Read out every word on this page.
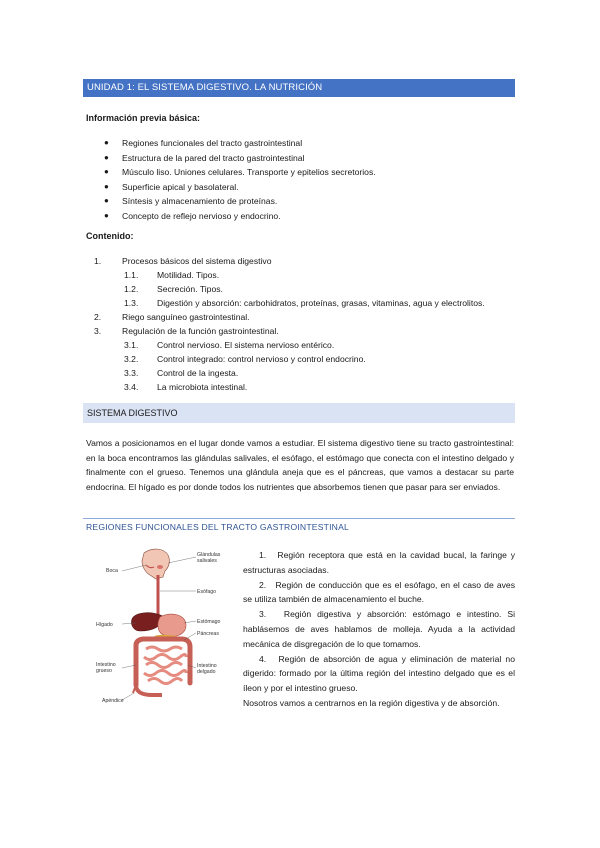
UNIDAD 1: EL SISTEMA DIGESTIVO. LA NUTRICIÓN
Información previa básica:
● Regiones funcionales del tracto gastrointestinal
● Estructura de la pared del tracto gastrointestinal
● Músculo liso. Uniones celulares. Transporte y epitelios secretorios.
● Superficie apical y basolateral.
● Síntesis y almacenamiento de proteínas.
● Concepto de reflejo nervioso y endocrino.
Contenido:
1. Procesos básicos del sistema digestivo
1.1. Motilidad. Tipos.
1.2. Secreción. Tipos.
1.3. Digestión y absorción: carbohidratos, proteínas, grasas, vitaminas, agua y electrolitos.
2. Riego sanguíneo gastrointestinal.
3. Regulación de la función gastrointestinal.
3.1. Control nervioso. El sistema nervioso entérico.
3.2. Control integrado: control nervioso y control endocrino.
3.3. Control de la ingesta.
3.4. La microbiota intestinal.
SISTEMA DIGESTIVO
Vamos a posicionamos en el lugar donde vamos a estudiar. El sistema digestivo tiene su tracto gastrointestinal: en la boca encontramos las glándulas salivales, el esófago, el estómago que conecta con el intestino delgado y finalmente con el grueso. Tenemos una glándula aneja que es el páncreas, que vamos a destacar su parte endocrina. El hígado es por donde todos los nutrientes que absorbemos tienen que pasar para ser enviados.
REGIONES FUNCIONALES DEL TRACTO GASTROINTESTINAL
Boca
Glándulas
salivales
Esófago
Hígado	Estómago
Páncreas
Intestino
grueso
Intestino
delgado
Apéndice

1. Región receptora que está en la cavidad bucal, la faringe y estructuras asociadas.

2. Región de conducción que es el esófago, en el caso de aves se utiliza también de almacenamiento el buche.

3. Región digestiva y absorción: estómago e intestino. Si hablásemos de aves hablamos de molleja. Ayuda a la actividad mecánica de disgregación de lo que tomamos.

4. Región de absorción de agua y eliminación de material no digerido: formado por la última región del intestino delgado que es el íleon y por el intestino grueso.

Nosotros vamos a centrarnos en la región digestiva y de absorción.
